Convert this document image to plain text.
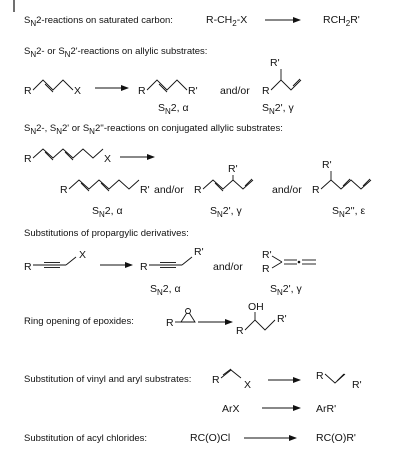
$S_N2$-reactions on saturated carbon:	$R-CH_2-X$	$RCH_2R'$
$S_N2-$ or $S_N2'$-reactions on allylic substrates:
R	X	R	R'
$S_N2$, α
and/or R
R'
$S_N2'$, γ
$S_N2-$, $S_N2'$ or $S_N2''$-reactions on conjugated allylic substrates:
R	X
R	R'
$S_N2$, α
and/or R
R'
$S_N2'$, γ
and/or R
R'
$S_N2''$, ε
Substitutions of propargylic derivatives:
R
X
R
R'
$S_N2$, α
and/or
R'
R
$S_N2'$, γ
Ring opening of epoxides:	R
R
OH
R'
Substitution of vinyl and aryl substrates: R X
R
R'
ArX	ArR'
Substitution of acyl chlorides:	RC(O)Cl	RC(O)R'
